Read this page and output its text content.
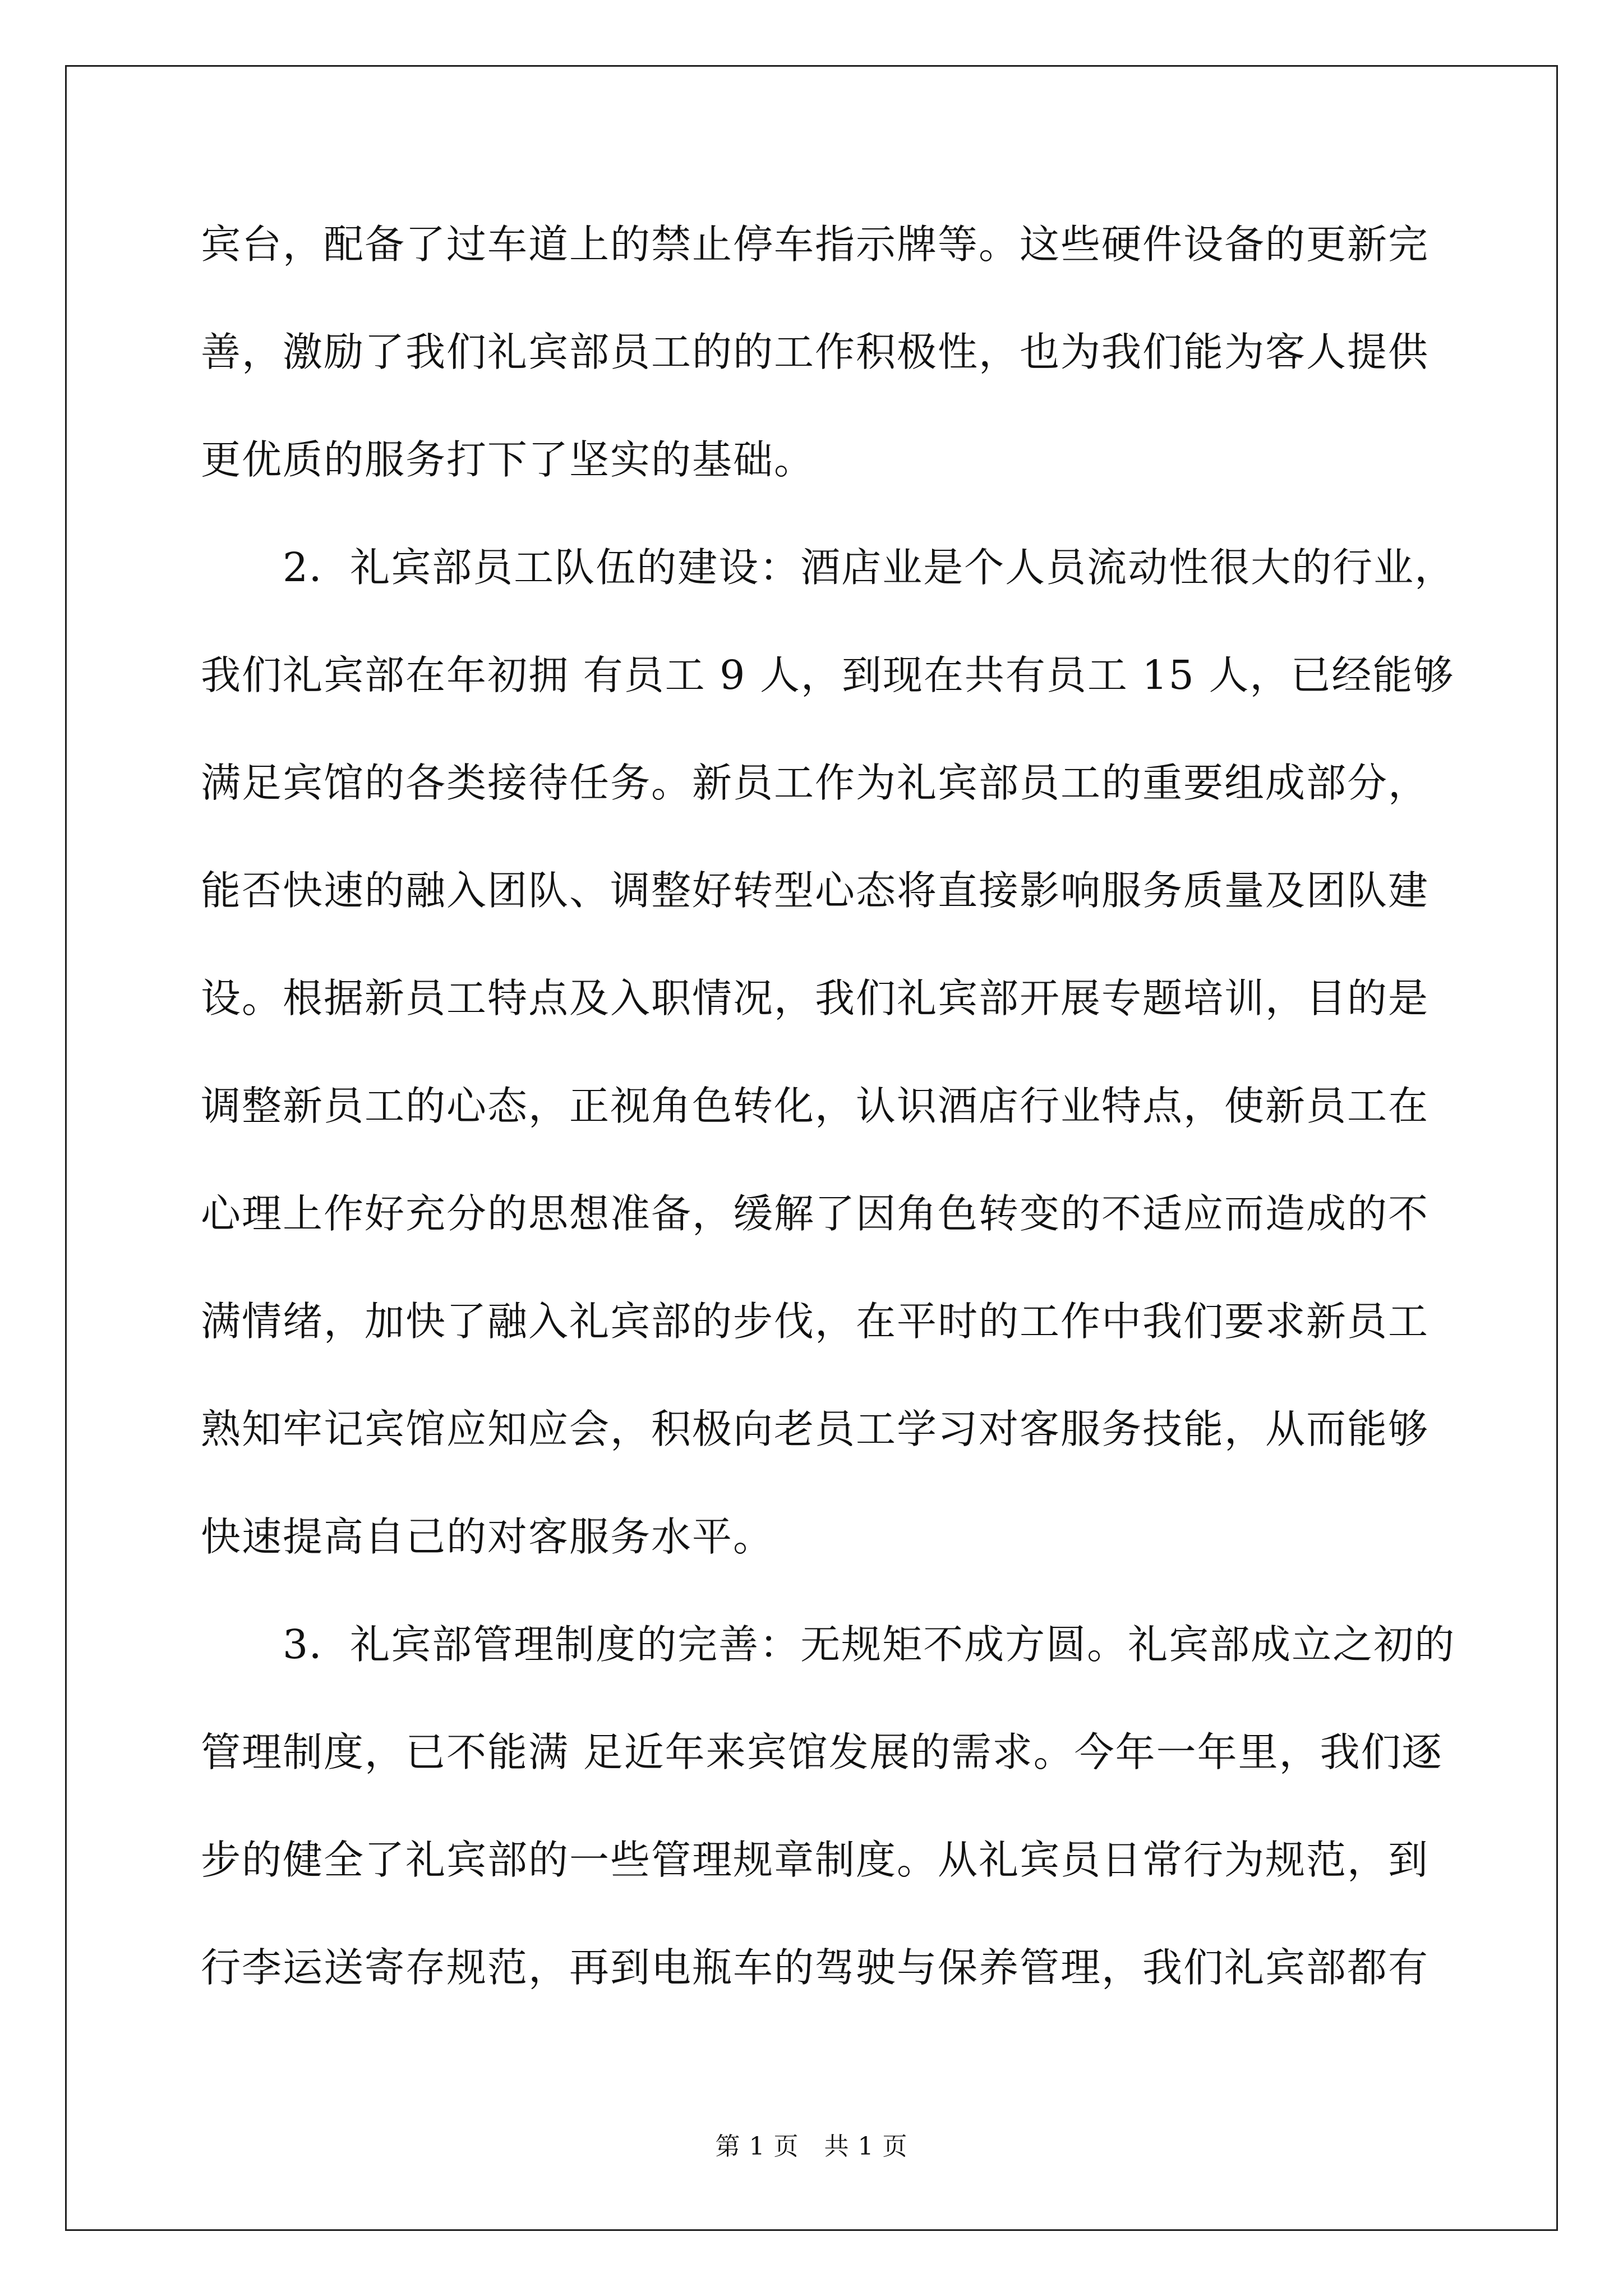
宾台，配备了过车道上的禁止停车指示牌等。这些硬件设备的更新完
善，激励了我们礼宾部员工的的工作积极性，也为我们能为客人提供
更优质的服务打下了坚实的基础。
　　2．礼宾部员工队伍的建设：酒店业是个人员流动性很大的行业，
我们礼宾部在年初拥 有员工 9 人，到现在共有员工 15 人，已经能够
满足宾馆的各类接待任务。新员工作为礼宾部员工的重要组成部分，
能否快速的融入团队、调整好转型心态将直接影响服务质量及团队建
设。根据新员工特点及入职情况，我们礼宾部开展专题培训，目的是
调整新员工的心态，正视角色转化，认识酒店行业特点，使新员工在
心理上作好充分的思想准备，缓解了因角色转变的不适应而造成的不
满情绪，加快了融入礼宾部的步伐，在平时的工作中我们要求新员工
熟知牢记宾馆应知应会，积极向老员工学习对客服务技能，从而能够
快速提高自己的对客服务水平。
　　3．礼宾部管理制度的完善：无规矩不成方圆。礼宾部成立之初的
管理制度，已不能满 足近年来宾馆发展的需求。今年一年里，我们逐
步的健全了礼宾部的一些管理规章制度。从礼宾员日常行为规范，到
行李运送寄存规范，再到电瓶车的驾驶与保养管理，我们礼宾部都有
第 1 页　共 1 页
